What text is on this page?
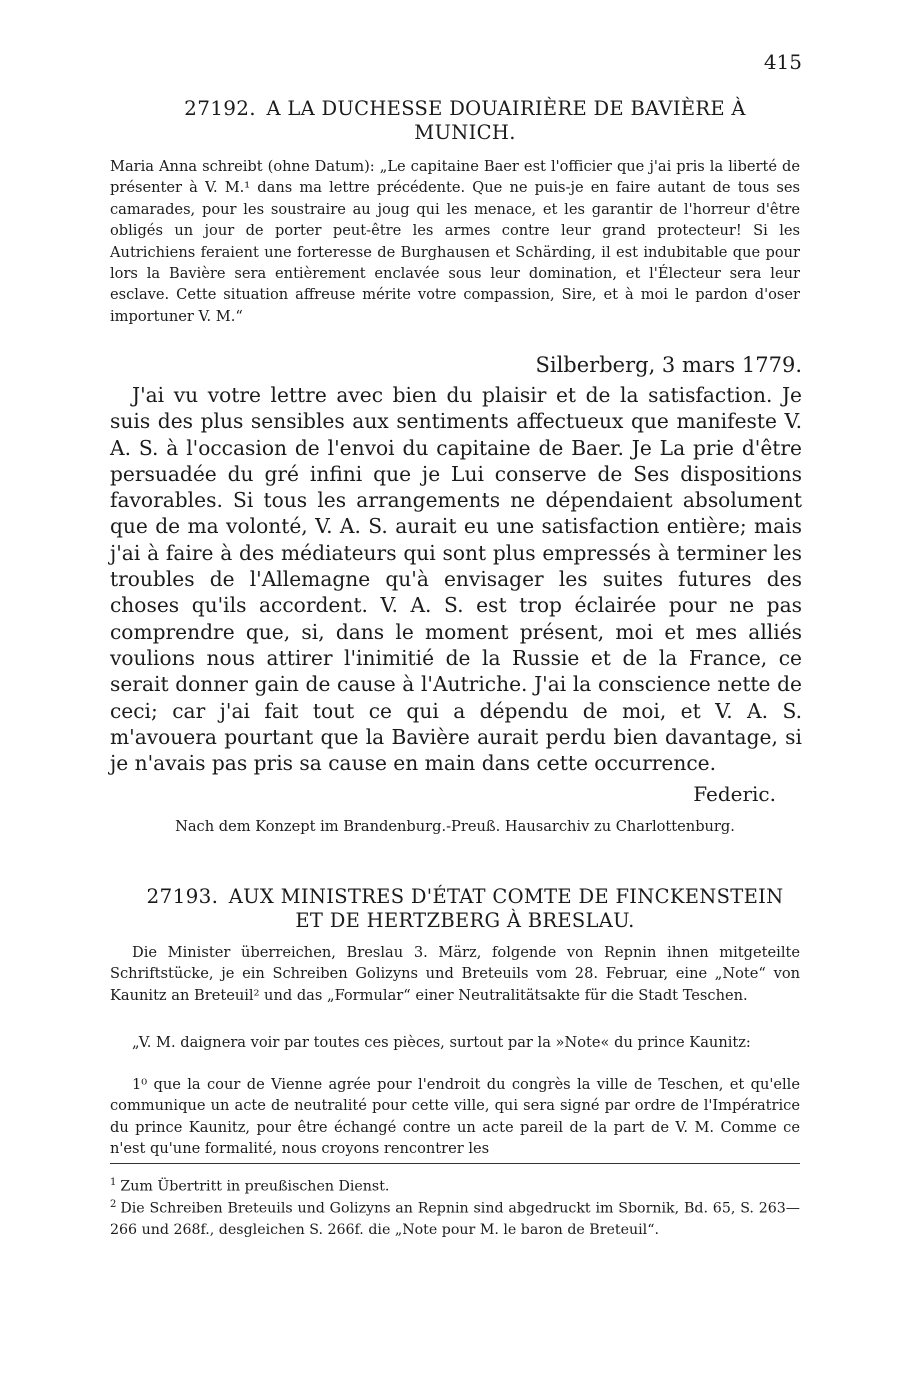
415
27192. A LA DUCHESSE DOUAIRIÈRE DE BAVIÈRE À
MUNICH.
Maria Anna schreibt (ohne Datum): „Le capitaine Baer est l'officier que j'ai pris la liberté de présenter à V. M.¹ dans ma lettre précédente. Que ne puis-je en faire autant de tous ses camarades, pour les soustraire au joug qui les menace, et les garantir de l'horreur d'être obligés un jour de porter peut-être les armes contre leur grand protecteur! Si les Autrichiens feraient une forteresse de Burghausen et Schärding, il est indubitable que pour lors la Bavière sera entièrement enclavée sous leur domination, et l'Électeur sera leur esclave. Cette situation affreuse mérite votre compassion, Sire, et à moi le pardon d'oser importuner V. M.“
Silberberg, 3 mars 1779.
J'ai vu votre lettre avec bien du plaisir et de la satisfaction. Je suis des plus sensibles aux sentiments affectueux que manifeste V. A. S. à l'occasion de l'envoi du capitaine de Baer. Je La prie d'être persuadée du gré infini que je Lui conserve de Ses dispositions favorables. Si tous les arrangements ne dépendaient absolument que de ma volonté, V. A. S. aurait eu une satisfaction entière; mais j'ai à faire à des médiateurs qui sont plus empressés à terminer les troubles de l'Allemagne qu'à envisager les suites futures des choses qu'ils accordent. V. A. S. est trop éclairée pour ne pas comprendre que, si, dans le moment présent, moi et mes alliés voulions nous attirer l'inimitié de la Russie et de la France, ce serait donner gain de cause à l'Autriche. J'ai la conscience nette de ceci; car j'ai fait tout ce qui a dépendu de moi, et V. A. S. m'avouera pourtant que la Bavière aurait perdu bien davantage, si je n'avais pas pris sa cause en main dans cette occurrence.
Federic.
Nach dem Konzept im Brandenburg.-Preuß. Hausarchiv zu Charlottenburg.
27193. AUX MINISTRES D'ÉTAT COMTE DE FINCKENSTEIN
ET DE HERTZBERG À BRESLAU.
Die Minister überreichen, Breslau 3. März, folgende von Repnin ihnen mitgeteilte Schriftstücke, je ein Schreiben Golizyns und Breteuils vom 28. Februar, eine „Note“ von Kaunitz an Breteuil² und das „Formular“ einer Neutralitätsakte für die Stadt Teschen.
„V. M. daignera voir par toutes ces pièces, surtout par la »Note« du prince Kaunitz:
1⁰ que la cour de Vienne agrée pour l'endroit du congrès la ville de Teschen, et qu'elle communique un acte de neutralité pour cette ville, qui sera signé par ordre de l'Impératrice du prince Kaunitz, pour être échangé contre un acte pareil de la part de V. M. Comme ce n'est qu'une formalité, nous croyons rencontrer les
$^1$ Zum Übertritt in preußischen Dienst.
$^2$ Die Schreiben Breteuils und Golizyns an Repnin sind abgedruckt im Sbornik, Bd. 65, S. 263—266 und 268f., desgleichen S. 266f. die „Note pour M. le baron de Breteuil“.
